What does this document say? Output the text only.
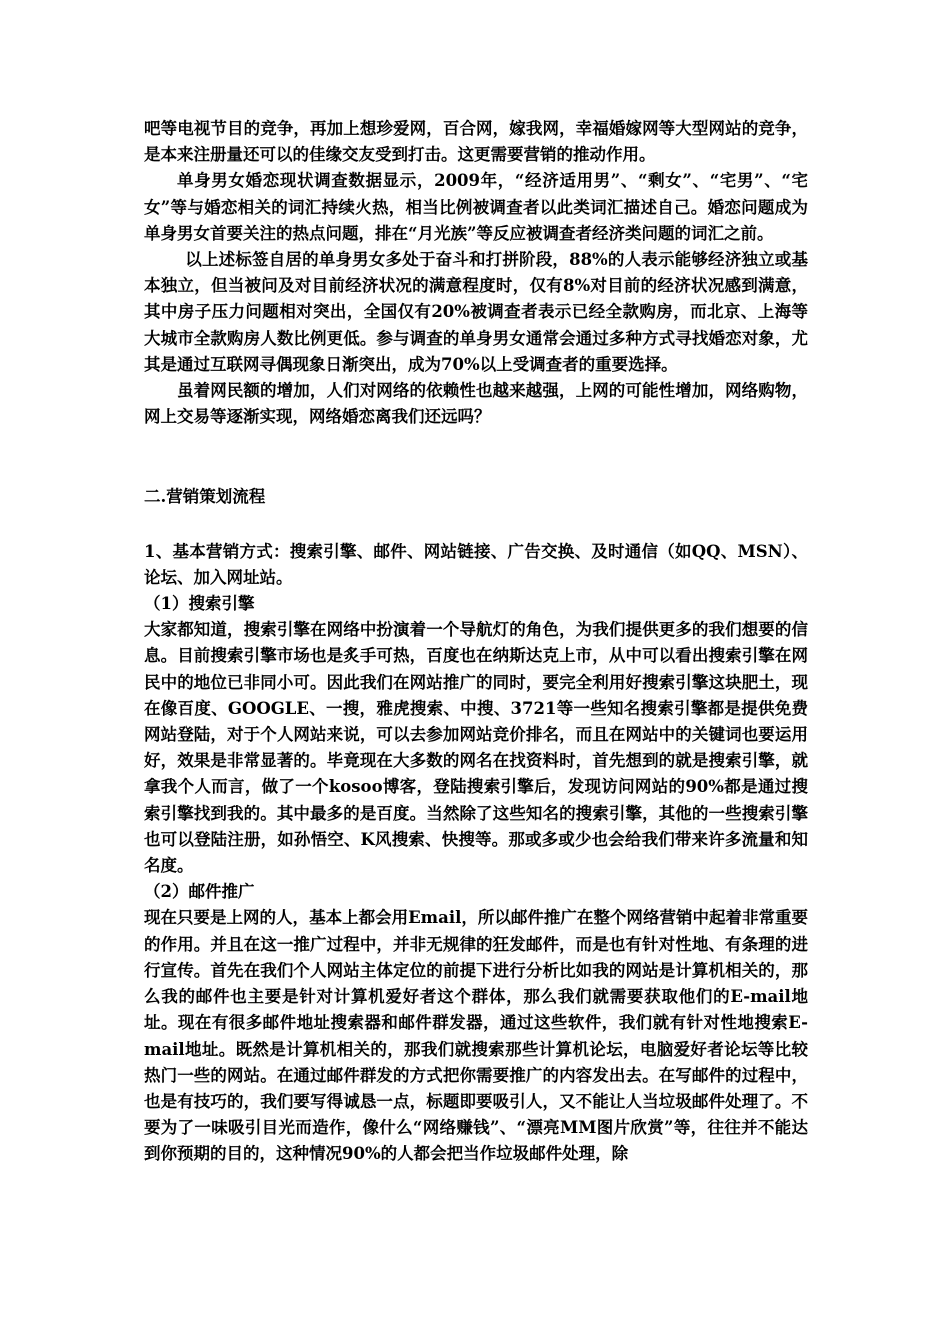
吧等电视节目的竞争，再加上想珍爱网，百合网，嫁我网，幸福婚嫁网等大型网站的竞争，是本来注册量还可以的佳缘交友受到打击。这更需要营销的推动作用。

单身男女婚恋现状调查数据显示，2009年，“经济适用男”、“剩女”、“宅男”、“宅女”等与婚恋相关的词汇持续火热，相当比例被调查者以此类词汇描述自己。婚恋问题成为单身男女首要关注的热点问题，排在“月光族”等反应被调查者经济类问题的词汇之前。

以上述标签自居的单身男女多处于奋斗和打拼阶段，88%的人表示能够经济独立或基本独立，但当被问及对目前经济状况的满意程度时，仅有8%对目前的经济状况感到满意，其中房子压力问题相对突出，全国仅有20%被调查者表示已经全款购房，而北京、上海等大城市全款购房人数比例更低。参与调查的单身男女通常会通过多种方式寻找婚恋对象，尤其是通过互联网寻偶现象日渐突出，成为70%以上受调查者的重要选择。

虽着网民额的增加，人们对网络的依赖性也越来越强，上网的可能性增加，网络购物，网上交易等逐渐实现，网络婚恋离我们还远吗？

二.营销策划流程

1、基本营销方式：搜索引擎、邮件、网站链接、广告交换、及时通信（如QQ、MSN）、论坛、加入网址站。

（1）搜索引擎

大家都知道，搜索引擎在网络中扮演着一个导航灯的角色，为我们提供更多的我们想要的信息。目前搜索引擎市场也是炙手可热，百度也在纳斯达克上市，从中可以看出搜索引擎在网民中的地位已非同小可。因此我们在网站推广的同时，要完全利用好搜索引擎这块肥土，现在像百度、GOOGLE、一搜，雅虎搜索、中搜、3721等一些知名搜索引擎都是提供免费网站登陆，对于个人网站来说，可以去参加网站竞价排名，而且在网站中的关键词也要运用好，效果是非常显著的。毕竟现在大多数的网名在找资料时，首先想到的就是搜索引擎，就拿我个人而言，做了一个kosoo博客，登陆搜索引擎后，发现访问网站的90%都是通过搜索引擎找到我的。其中最多的是百度。当然除了这些知名的搜索引擎，其他的一些搜索引擎也可以登陆注册，如孙悟空、K风搜索、快搜等。那或多或少也会给我们带来许多流量和知名度。

（2）邮件推广

现在只要是上网的人，基本上都会用Email，所以邮件推广在整个网络营销中起着非常重要的作用。并且在这一推广过程中，并非无规律的狂发邮件，而是也有针对性地、有条理的进行宣传。首先在我们个人网站主体定位的前提下进行分析比如我的网站是计算机相关的，那么我的邮件也主要是针对计算机爱好者这个群体，那么我们就需要获取他们的E-mail地址。现在有很多邮件地址搜索器和邮件群发器，通过这些软件，我们就有针对性地搜索E-mail地址。既然是计算机相关的，那我们就搜索那些计算机论坛，电脑爱好者论坛等比较热门一些的网站。在通过邮件群发的方式把你需要推广的内容发出去。在写邮件的过程中，也是有技巧的，我们要写得诚恳一点，标题即要吸引人，又不能让人当垃圾邮件处理了。不要为了一味吸引目光而造作，像什么“网络赚钱”、“漂亮MM图片欣赏”等，往往并不能达到你预期的目的，这种情况90%的人都会把当作垃圾邮件处理，除
